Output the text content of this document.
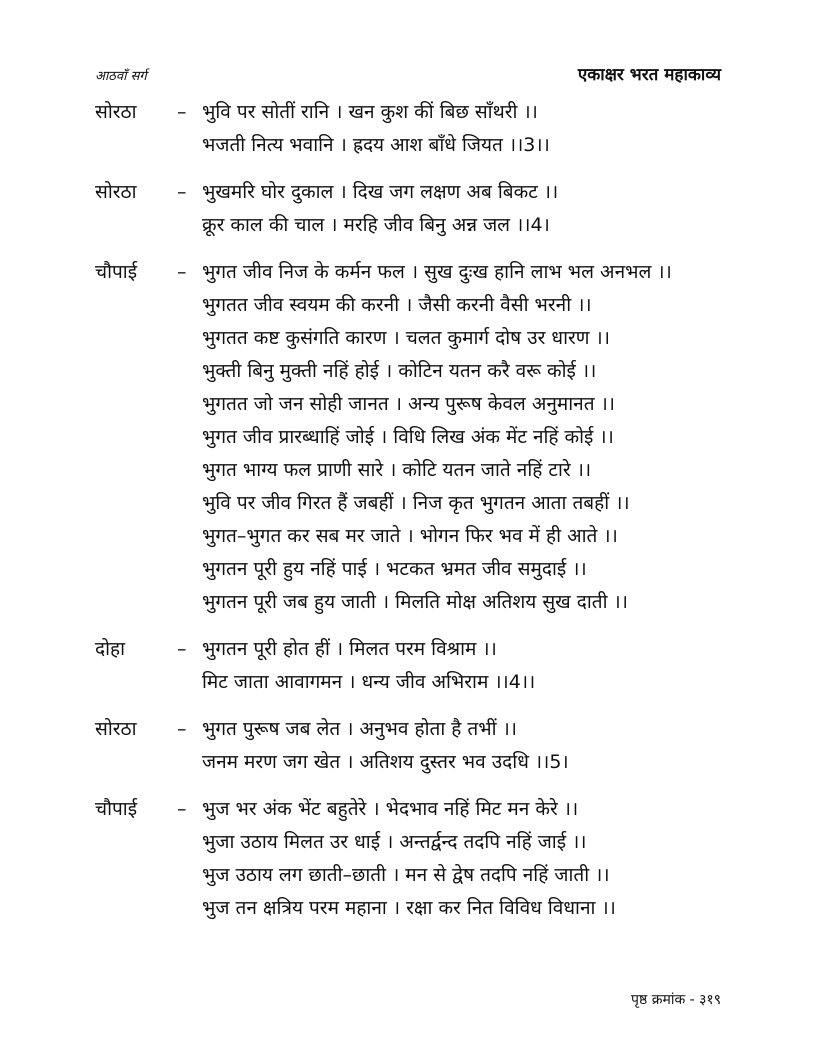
आठवाँ सर्ग	एकाक्षर भरत महाकाव्य
सोरठा	– भुवि पर सोतीं रानि । खन कुश कीं बिछ साँथरी ।।
भजती नित्य भवानि । ह्रदय आश बाँधे जियत ।।3।।
सोरठा	– भुखमरि घोर दुकाल । दिख जग लक्षण अब बिकट ।।
क्रूर काल की चाल । मरहि जीव बिनु अन्न जल ।।4।
चौपाई	– भुगत जीव निज के कर्मन फल । सुख दुःख हानि लाभ भल अनभल ।।
भुगतत जीव स्वयम की करनी । जैसी करनी वैसी भरनी ।।
भुगतत कष्ट कुसंगति कारण । चलत कुमार्ग दोष उर धारण ।।
भुक्ती बिनु मुक्ती नहिं होई । कोटिन यतन करै वरू कोई ।।
भुगतत जो जन सोही जानत । अन्य पुरूष केवल अनुमानत ।।
भुगत जीव प्रारब्धाहिं जोई । विधि लिख अंक मेंट नहिं कोई ।।
भुगत भाग्य फल प्राणी सारे । कोटि यतन जाते नहिं टारे ।।
भुवि पर जीव गिरत हैं जबहीं । निज कृत भुगतन आता तबहीं ।।
भुगत–भुगत कर सब मर जाते । भोगन फिर भव में ही आते ।।
भुगतन पूरी हुय नहिं पाई । भटकत भ्रमत जीव समुदाई ।।
भुगतन पूरी जब हुय जाती । मिलति मोक्ष अतिशय सुख दाती ।।
दोहा	– भुगतन पूरी होत हीं । मिलत परम विश्राम ।।
मिट जाता आवागमन । धन्य जीव अभिराम ।।4।।
सोरठा	– भुगत पुरूष जब लेत । अनुभव होता है तभीं ।।
जनम मरण जग खेत । अतिशय दुस्तर भव उदधि ।।5।
चौपाई	– भुज भर अंक भेंट बहुतेरे । भेदभाव नहिं मिट मन केरे ।।
भुजा उठाय मिलत उर धाई । अन्तर्द्वन्द तदपि नहिं जाई ।।
भुज उठाय लग छाती–छाती । मन से द्वेष तदपि नहिं जाती ।।
भुज तन क्षत्रिय परम महाना । रक्षा कर नित विविध विधाना ।।
पृष्ठ क्रमांक - ३१९
